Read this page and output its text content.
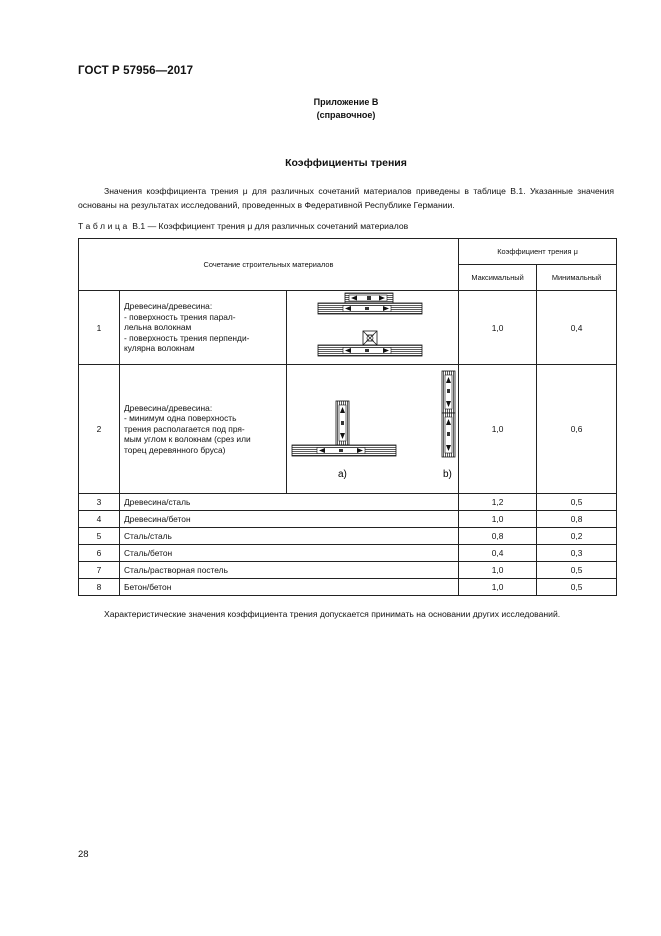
ГОСТ Р 57956—2017
Приложение В
(справочное)
Коэффициенты трения

Значения коэффициента трения μ для различных сочетаний материалов приведены в таблице В.1. Указанные значения основаны на результатах исследований, проведенных в Федеративной Республике Германии.

Таблица В.1 — Коэффициент трения μ для различных сочетаний материалов
Сочетание строительных материалов			Коэффициент трения μ	
			Максимальный	Минимальный
1	Древесина/древесина:
- поверхность трения парал-
лельна волокнам
- поверхность трения перпенди-
кулярна волокнам		1,0	0,4
2	Древесина/древесина:
- минимум одна поверхность
трения располагается под пря-
мым углом к волокнам (срез или
торец деревянного бруса)	a) b)	1,0	0,6
3	Древесина/сталь		1,2	0,5
4	Древесина/бетон		1,0	0,8
5	Сталь/сталь		0,8	0,2
6	Сталь/бетон		0,4	0,3
7	Сталь/растворная постель		1,0	0,5
8	Бетон/бетон		1,0	0,5

Характеристические значения коэффициента трения допускается принимать на основании других исследований.

28
